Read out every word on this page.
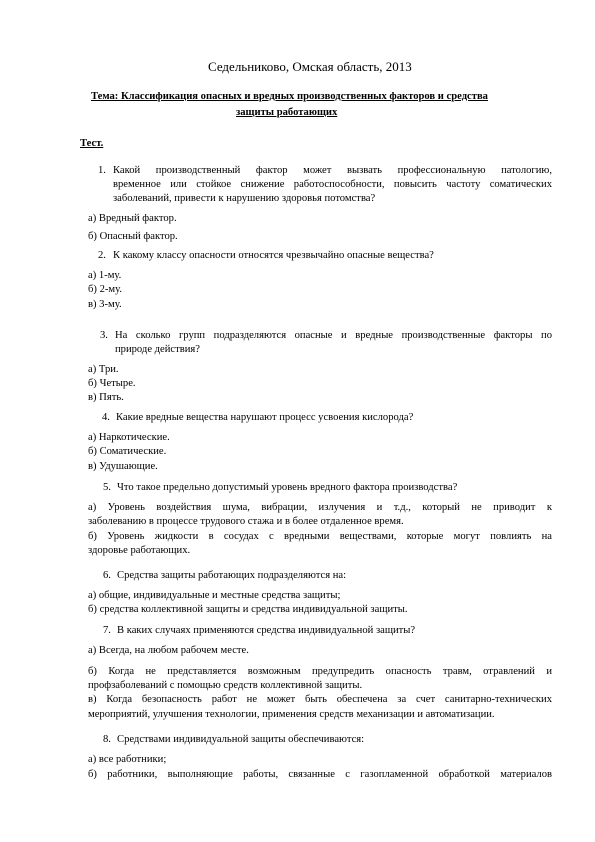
Седельниково, Омская область, 2013
Тема: Классификация опасных и вредных производственных факторов и средства
защиты работающих
Тест.
1. Какой производственный фактор может вызвать профессиональную патологию,
временное или стойкое снижение работоспособности, повысить частоту соматических
заболеваний, привести к нарушению здоровья потомства?
а) Вредный фактор.
б) Опасный фактор.
2. К какому классу опасности относятся чрезвычайно опасные вещества?
а) 1-му.
б) 2-му.
в) 3-му.
3. На сколько групп подразделяются опасные и вредные производственные факторы по
природе действия?
а) Три.
б) Четыре.
в) Пять.
4. Какие вредные вещества нарушают процесс усвоения кислорода?
а) Наркотические.
б) Соматические.
в) Удушающие.
5. Что такое предельно допустимый уровень вредного фактора производства?
а) Уровень воздействия шума, вибрации, излучения и т.д., который не приводит к
заболеванию в процессе трудового стажа и в более отдаленное время.
б) Уровень жидкости в сосудах с вредными веществами, которые могут повлиять на
здоровье работающих.
6. Средства защиты работающих подразделяются на:
а) общие, индивидуальные и местные средства защиты;
б) средства коллективной защиты и средства индивидуальной защиты.
7. В каких случаях применяются средства индивидуальной защиты?
а) Всегда, на любом рабочем месте.
б) Когда не представляется возможным предупредить опасность травм, отравлений и
профзаболеваний с помощью средств коллективной защиты.
в) Когда безопасность работ не может быть обеспечена за счет санитарно-технических
мероприятий, улучшения технологии, применения средств механизации и автоматизации.
8. Средствами индивидуальной защиты обеспечиваются:
а) все работники;
б) работники, выполняющие работы, связанные с газопламенной обработкой материалов
